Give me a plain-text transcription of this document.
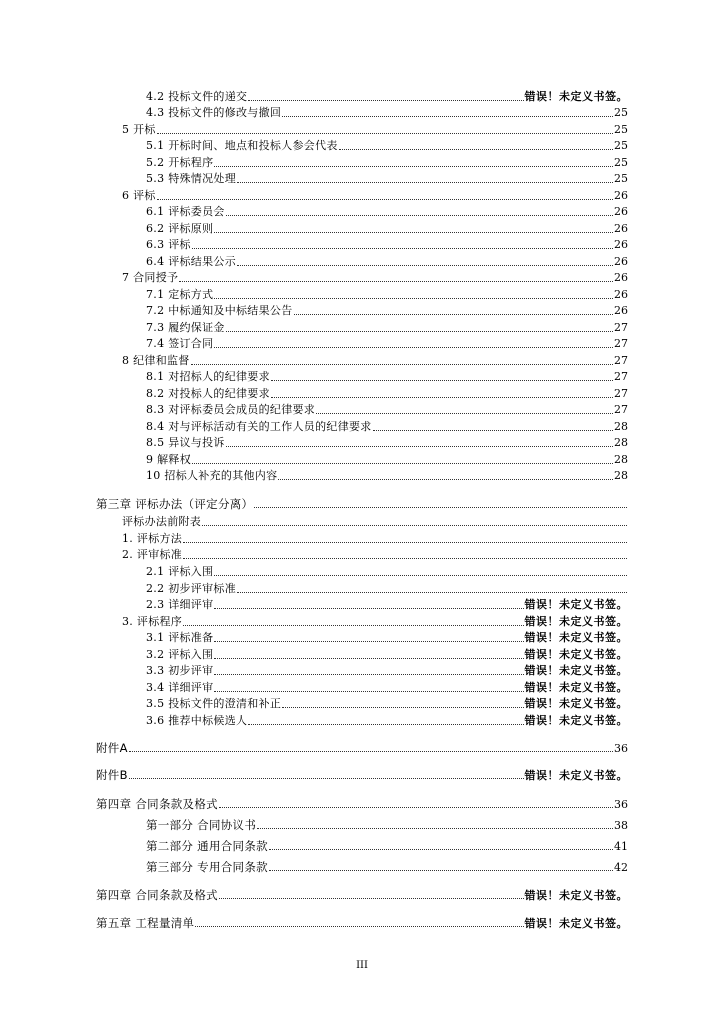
4.2 投标文件的递交	错误！未定义书签。
4.3 投标文件的修改与撤回	25
5 开标	25
5.1 开标时间、地点和投标人参会代表	25
5.2 开标程序	25
5.3 特殊情况处理	25
6 评标	26
6.1 评标委员会	26
6.2 评标原则	26
6.3 评标	26
6.4 评标结果公示	26
7 合同授予	26
7.1 定标方式	26
7.2 中标通知及中标结果公告	26
7.3 履约保证金	27
7.4 签订合同	27
8 纪律和监督	27
8.1 对招标人的纪律要求	27
8.2 对投标人的纪律要求	27
8.3 对评标委员会成员的纪律要求	27
8.4 对与评标活动有关的工作人员的纪律要求	28
8.5 异议与投诉	28
9 解释权	28
10 招标人补充的其他内容	28
第三章 评标办法（评定分离）
评标办法前附表
1. 评标方法
2. 评审标准
2.1 评标入围
2.2 初步评审标准
2.3 详细评审	错误！未定义书签。
3. 评标程序	错误！未定义书签。
3.1 评标准备	错误！未定义书签。
3.2 评标入围	错误！未定义书签。
3.3 初步评审	错误！未定义书签。
3.4 详细评审	错误！未定义书签。
3.5 投标文件的澄清和补正	错误！未定义书签。
3.6 推荐中标候选人	错误！未定义书签。
附件A	36
附件B	错误！未定义书签。
第四章 合同条款及格式	36
第一部分 合同协议书	38
第二部分 通用合同条款	41
第三部分 专用合同条款	42
第四章 合同条款及格式	错误！未定义书签。
第五章 工程量清单	错误！未定义书签。
III
